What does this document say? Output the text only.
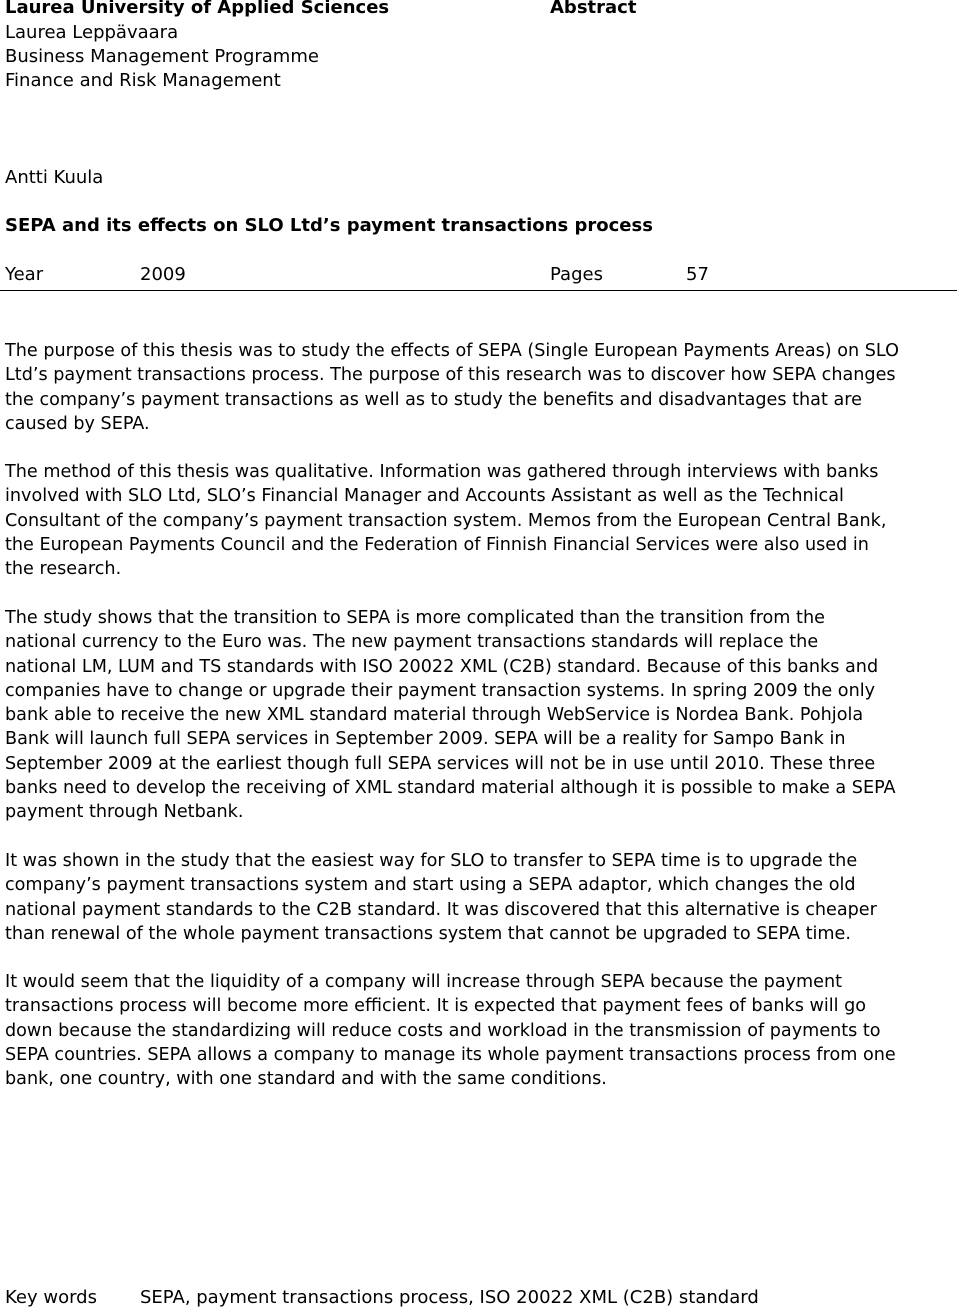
Laurea University of Applied Sciences
Laurea Leppävaara
Business Management Programme
Finance and Risk Management
Abstract
Antti Kuula
SEPA and its effects on SLO Ltd’s payment transactions process
Year	2009	Pages	57
The purpose of this thesis was to study the effects of SEPA (Single European Payments Areas) on SLO
Ltd’s payment transactions process. The purpose of this research was to discover how SEPA changes
the company’s payment transactions as well as to study the benefits and disadvantages that are
caused by SEPA.
The method of this thesis was qualitative. Information was gathered through interviews with banks
involved with SLO Ltd, SLO’s Financial Manager and Accounts Assistant as well as the Technical
Consultant of the company’s payment transaction system. Memos from the European Central Bank,
the European Payments Council and the Federation of Finnish Financial Services were also used in
the research.
The study shows that the transition to SEPA is more complicated than the transition from the
national currency to the Euro was. The new payment transactions standards will replace the
national LM, LUM and TS standards with ISO 20022 XML (C2B) standard. Because of this banks and
companies have to change or upgrade their payment transaction systems. In spring 2009 the only
bank able to receive the new XML standard material through WebService is Nordea Bank. Pohjola
Bank will launch full SEPA services in September 2009. SEPA will be a reality for Sampo Bank in
September 2009 at the earliest though full SEPA services will not be in use until 2010. These three
banks need to develop the receiving of XML standard material although it is possible to make a SEPA
payment through Netbank.
It was shown in the study that the easiest way for SLO to transfer to SEPA time is to upgrade the
company’s payment transactions system and start using a SEPA adaptor, which changes the old
national payment standards to the C2B standard. It was discovered that this alternative is cheaper
than renewal of the whole payment transactions system that cannot be upgraded to SEPA time.
It would seem that the liquidity of a company will increase through SEPA because the payment
transactions process will become more efficient. It is expected that payment fees of banks will go
down because the standardizing will reduce costs and workload in the transmission of payments to
SEPA countries. SEPA allows a company to manage its whole payment transactions process from one
bank, one country, with one standard and with the same conditions.
Key words SEPA, payment transactions process, ISO 20022 XML (C2B) standard
